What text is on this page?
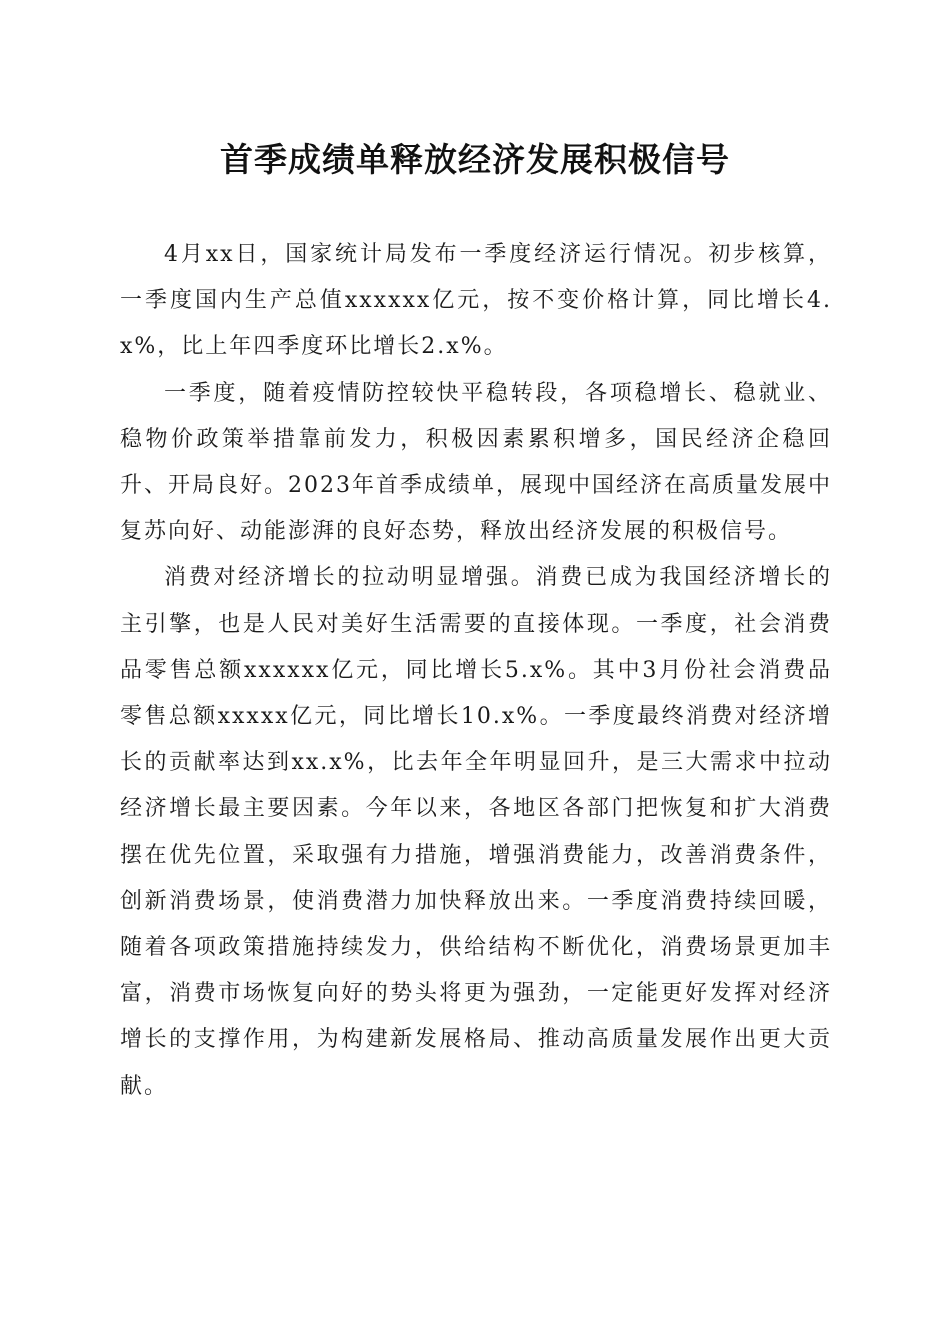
首季成绩单释放经济发展积极信号

4月xx日，国家统计局发布一季度经济运行情况。初步核算，一季度国内生产总值xxxxxx亿元，按不变价格计算，同比增长4.x%，比上年四季度环比增长2.x%。

一季度，随着疫情防控较快平稳转段，各项稳增长、稳就业、稳物价政策举措靠前发力，积极因素累积增多，国民经济企稳回升、开局良好。2023年首季成绩单，展现中国经济在高质量发展中复苏向好、动能澎湃的良好态势，释放出经济发展的积极信号。

消费对经济增长的拉动明显增强。消费已成为我国经济增长的主引擎，也是人民对美好生活需要的直接体现。一季度，社会消费品零售总额xxxxxx亿元，同比增长5.x%。其中3月份社会消费品零售总额xxxxx亿元，同比增长10.x%。一季度最终消费对经济增长的贡献率达到xx.x%，比去年全年明显回升，是三大需求中拉动经济增长最主要因素。今年以来，各地区各部门把恢复和扩大消费摆在优先位置，采取强有力措施，增强消费能力，改善消费条件，创新消费场景，使消费潜力加快释放出来。一季度消费持续回暖，随着各项政策措施持续发力，供给结构不断优化，消费场景更加丰富，消费市场恢复向好的势头将更为强劲，一定能更好发挥对经济增长的支撑作用，为构建新发展格局、推动高质量发展作出更大贡献。
